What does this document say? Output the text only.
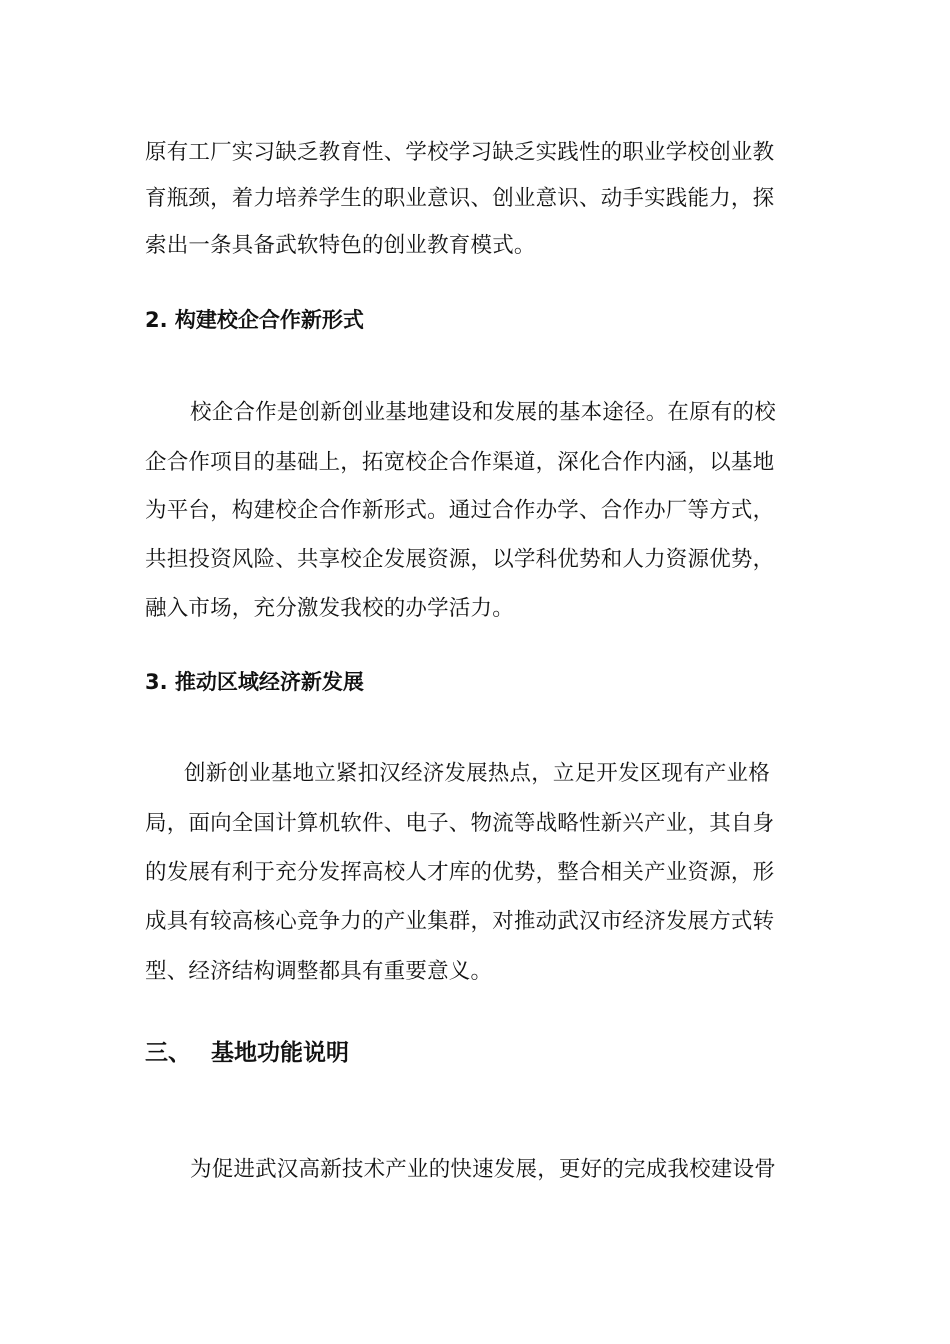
原有工厂实习缺乏教育性、学校学习缺乏实践性的职业学校创业教
育瓶颈，着力培养学生的职业意识、创业意识、动手实践能力，探
索出一条具备武软特色的创业教育模式。
2. 构建校企合作新形式
校企合作是创新创业基地建设和发展的基本途径。在原有的校
企合作项目的基础上，拓宽校企合作渠道，深化合作内涵，以基地
为平台，构建校企合作新形式。通过合作办学、合作办厂等方式，
共担投资风险、共享校企发展资源，以学科优势和人力资源优势，
融入市场，充分激发我校的办学活力。
3. 推动区域经济新发展
创新创业基地立紧扣汉经济发展热点，立足开发区现有产业格
局，面向全国计算机软件、电子、物流等战略性新兴产业，其自身
的发展有利于充分发挥高校人才库的优势，整合相关产业资源，形
成具有较高核心竞争力的产业集群，对推动武汉市经济发展方式转
型、经济结构调整都具有重要意义。
三、 基地功能说明
为促进武汉高新技术产业的快速发展，更好的完成我校建设骨
